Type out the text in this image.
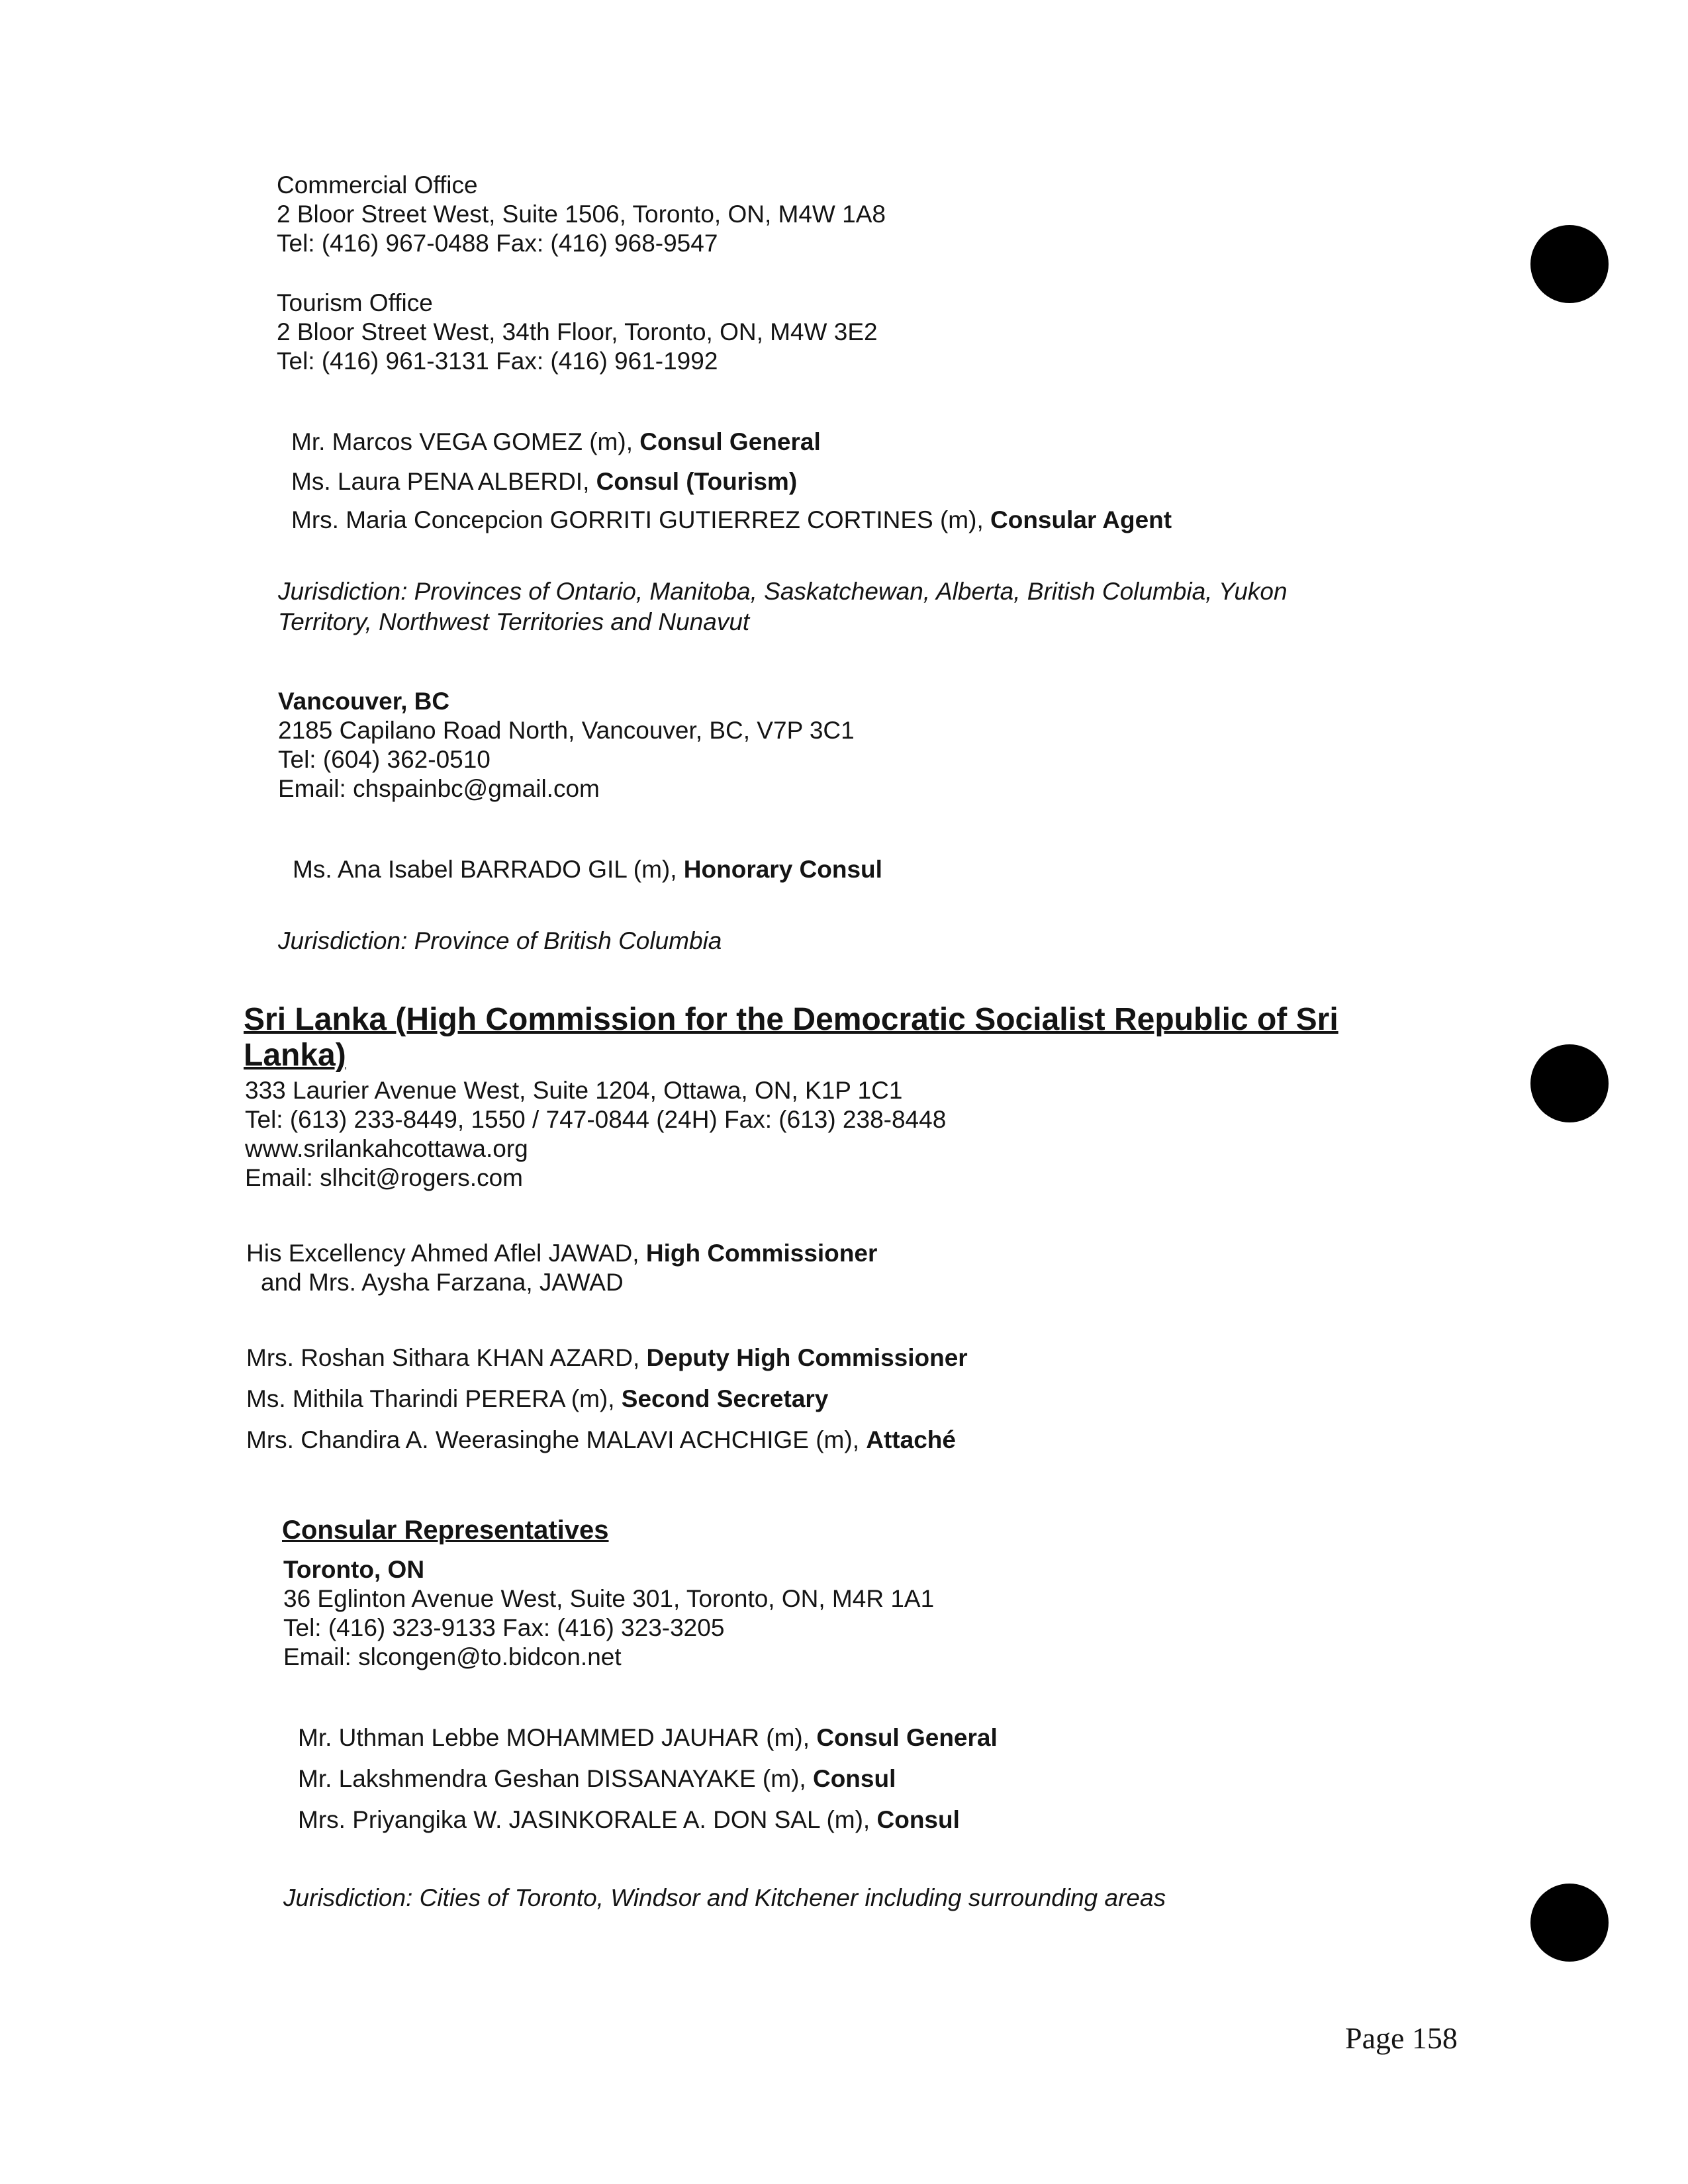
Commercial Office
2 Bloor Street West, Suite 1506, Toronto, ON, M4W 1A8
Tel: (416) 967-0488 Fax: (416) 968-9547
Tourism Office
2 Bloor Street West, 34th Floor, Toronto, ON, M4W 3E2
Tel: (416) 961-3131 Fax: (416) 961-1992
Mr. Marcos VEGA GOMEZ (m), Consul General
Ms. Laura PENA ALBERDI, Consul (Tourism)
Mrs. Maria Concepcion GORRITI GUTIERREZ CORTINES (m), Consular Agent
Jurisdiction: Provinces of Ontario, Manitoba, Saskatchewan, Alberta, British Columbia, Yukon
Territory, Northwest Territories and Nunavut
Vancouver, BC
2185 Capilano Road North, Vancouver, BC, V7P 3C1
Tel: (604) 362-0510
Email: chspainbc@gmail.com
Ms. Ana Isabel BARRADO GIL (m), Honorary Consul
Jurisdiction: Province of British Columbia
Sri Lanka (High Commission for the Democratic Socialist Republic of Sri
Lanka)
333 Laurier Avenue West, Suite 1204, Ottawa, ON, K1P 1C1
Tel: (613) 233-8449, 1550 / 747-0844 (24H) Fax: (613) 238-8448
www.srilankahcottawa.org
Email: slhcit@rogers.com
His Excellency Ahmed Aflel JAWAD, High Commissioner
and Mrs. Aysha Farzana, JAWAD
Mrs. Roshan Sithara KHAN AZARD, Deputy High Commissioner
Ms. Mithila Tharindi PERERA (m), Second Secretary
Mrs. Chandira A. Weerasinghe MALAVI ACHCHIGE (m), Attaché
Consular Representatives
Toronto, ON
36 Eglinton Avenue West, Suite 301, Toronto, ON, M4R 1A1
Tel: (416) 323-9133 Fax: (416) 323-3205
Email: slcongen@to.bidcon.net
Mr. Uthman Lebbe MOHAMMED JAUHAR (m), Consul General
Mr. Lakshmendra Geshan DISSANAYAKE (m), Consul
Mrs. Priyangika W. JASINKORALE A. DON SAL (m), Consul
Jurisdiction: Cities of Toronto, Windsor and Kitchener including surrounding areas
Page 158
